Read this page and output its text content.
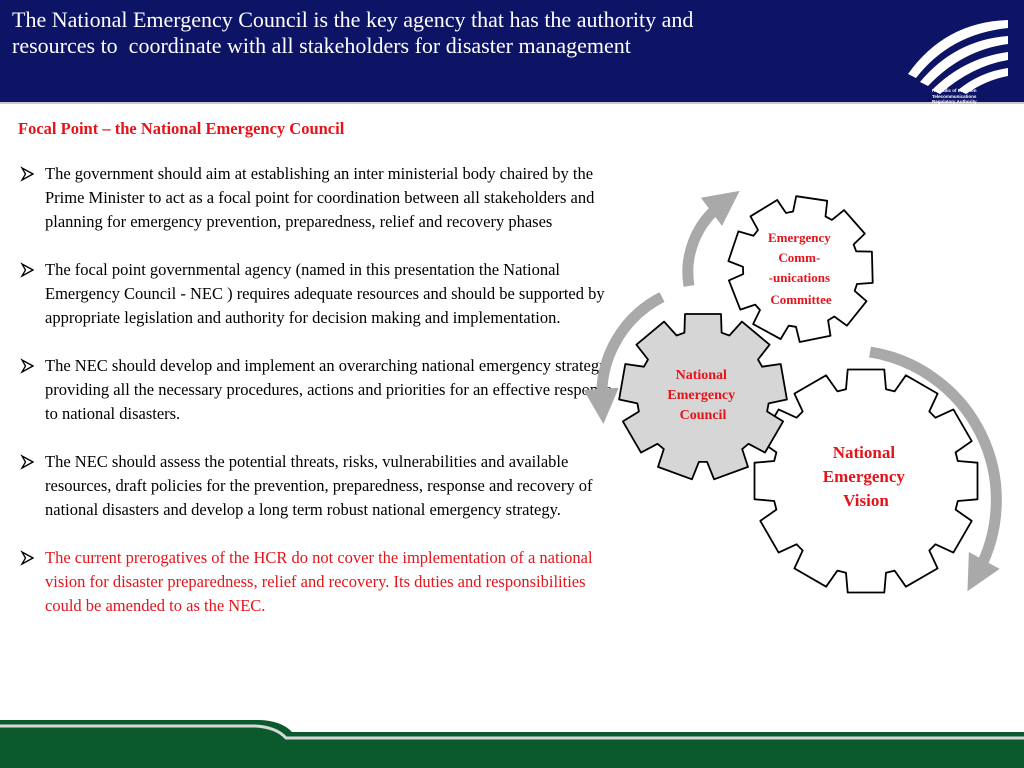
The National Emergency Council is the key agency that has the authority and
resources to  coordinate with all stakeholders for disaster management
Republic of Lebanon
Telecommunications
Regulatory Authority
Focal Point – the National Emergency Council
The government should aim at establishing an inter ministerial body chaired by the Prime Minister to act as a focal point for coordination between all stakeholders and planning for emergency prevention, preparedness, relief and recovery phases
The focal point governmental agency (named in this presentation the National Emergency Council - NEC ) requires adequate resources and should be supported by appropriate legislation and authority for decision making and implementation.
The NEC should develop and implement an overarching national emergency strategy providing all the necessary procedures, actions and priorities for an effective response to national disasters.
The NEC should assess the potential threats, risks, vulnerabilities and available resources, draft policies for the prevention, preparedness, response and recovery of national disasters and develop a long term robust national emergency strategy.
The current prerogatives of the HCR do not cover the implementation of a national vision for disaster preparedness, relief and recovery. Its duties and responsibilities could be amended to as the NEC.
National Emergency Vision
National Emergency Council
Emergency Comm- -unications Committee
